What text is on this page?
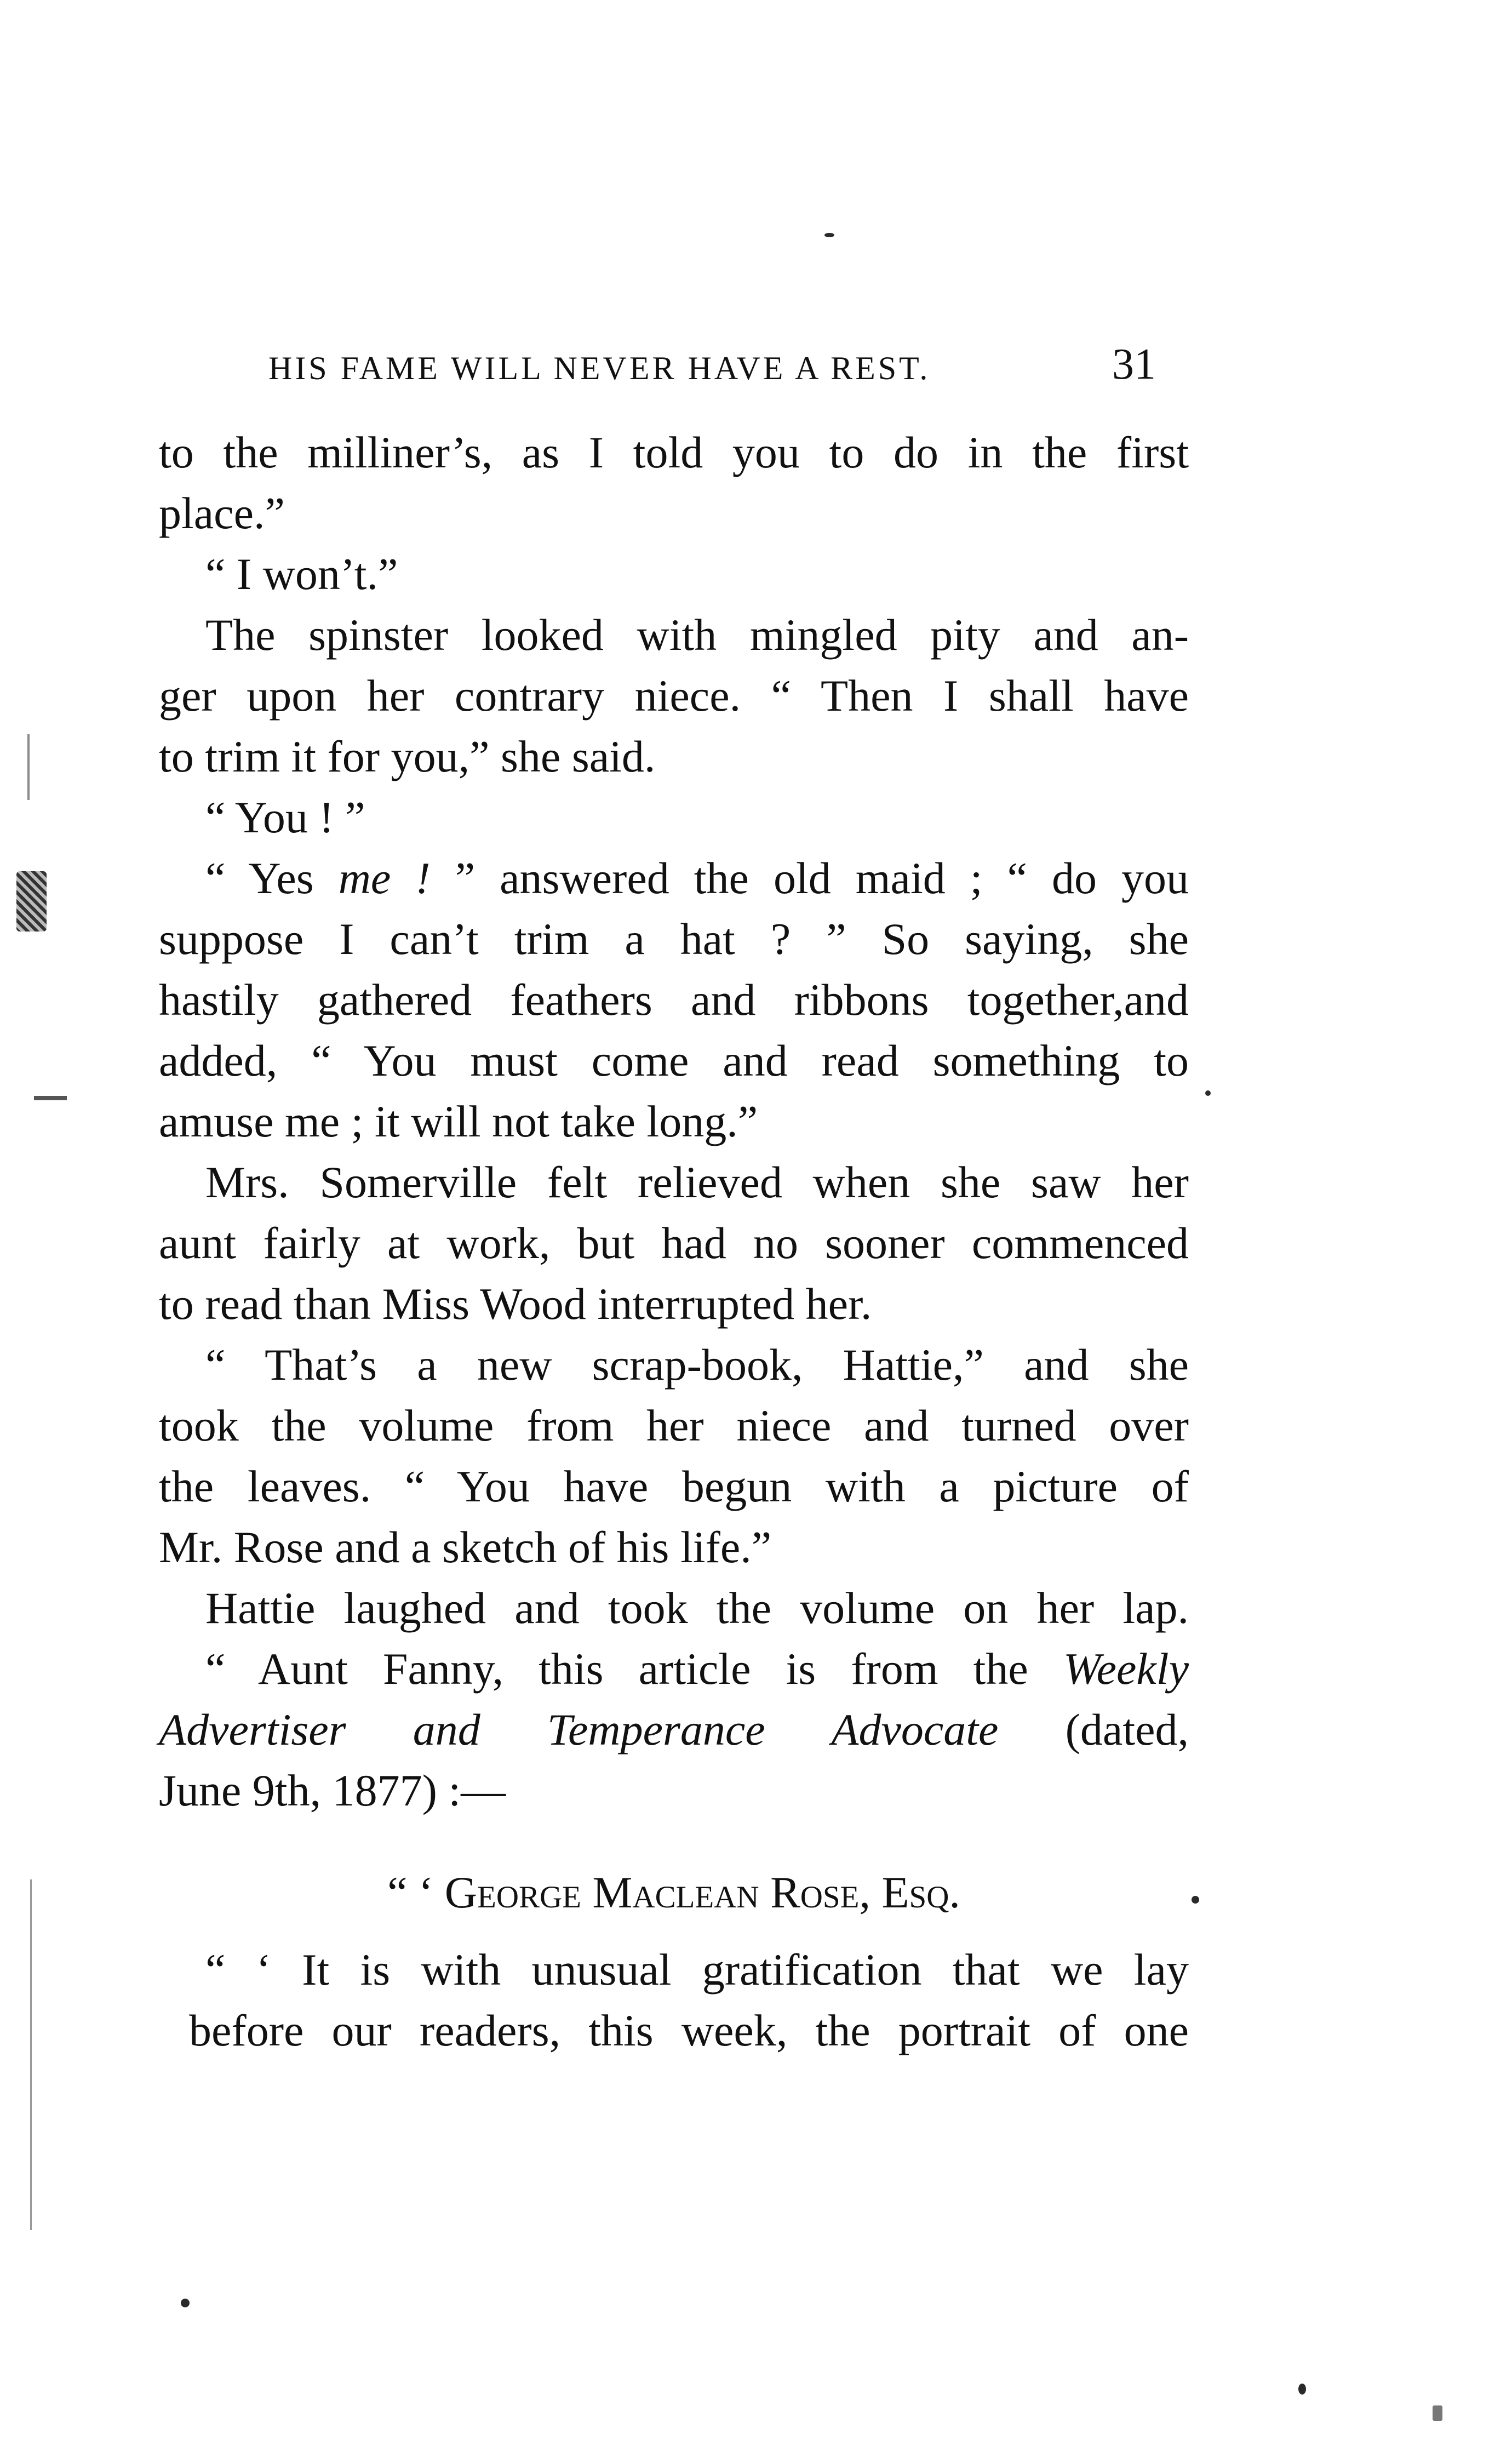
HIS FAME WILL NEVER HAVE A REST.	31
to the milliner’s, as I told you to do in the first
place.”
“ I won’t.”
The spinster looked with mingled pity and an-
ger upon her contrary niece. “ Then I shall have
to trim it for you,” she said.
“ You ! ”
“ Yes me ! ” answered the old maid ; “ do you
suppose I can’t trim a hat ? ” So saying, she
hastily gathered feathers and ribbons together,and
added, “ You must come and read something to
amuse me ; it will not take long.”
Mrs. Somerville felt relieved when she saw her
aunt fairly at work, but had no sooner commenced
to read than Miss Wood interrupted her.
“ That’s a new scrap-book, Hattie,” and she
took the volume from her niece and turned over
the leaves. “ You have begun with a picture of
Mr. Rose and a sketch of his life.”
Hattie laughed and took the volume on her lap.
“ Aunt Fanny, this article is from the Weekly
Advertiser and Temperance Advocate (dated,
June 9th, 1877) :—
“ ‘ George Maclean Rose, Esq.
“ ‘ It is with unusual gratification that we lay
before our readers, this week, the portrait of one
